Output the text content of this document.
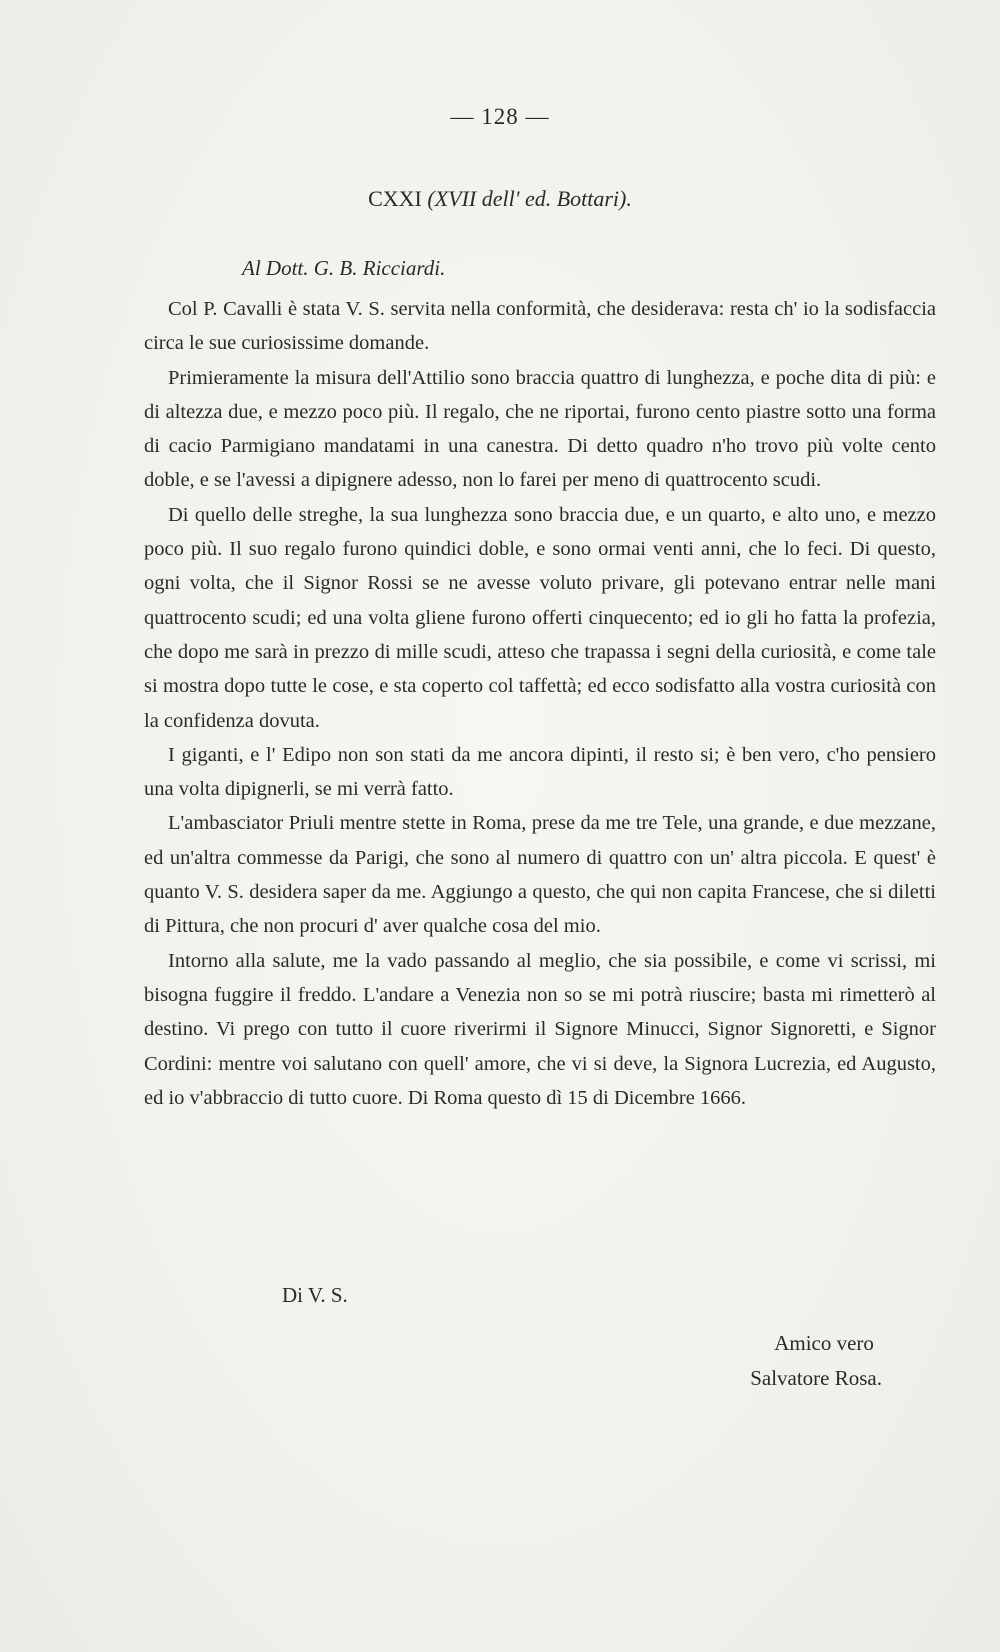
— 128 —
CXXI (XVII dell' ed. Bottari).
Al Dott. G. B. Ricciardi.

Col P. Cavalli è stata V. S. servita nella conformità, che desiderava: resta ch' io la sodisfaccia circa le sue curiosissime domande.

Primieramente la misura dell'Attilio sono braccia quattro di lunghezza, e poche dita di più: e di altezza due, e mezzo poco più. Il regalo, che ne riportai, furono cento piastre sotto una forma di cacio Parmigiano mandatami in una canestra. Di detto quadro n'ho trovo più volte cento doble, e se l'avessi a dipignere adesso, non lo farei per meno di quattrocento scudi.

Di quello delle streghe, la sua lunghezza sono braccia due, e un quarto, e alto uno, e mezzo poco più. Il suo regalo furono quindici doble, e sono ormai venti anni, che lo feci. Di questo, ogni volta, che il Signor Rossi se ne avesse voluto privare, gli potevano entrar nelle mani quattrocento scudi; ed una volta gliene furono offerti cinquecento; ed io gli ho fatta la profezia, che dopo me sarà in prezzo di mille scudi, atteso che trapassa i segni della curiosità, e come tale si mostra dopo tutte le cose, e sta coperto col taffettà; ed ecco sodisfatto alla vostra curiosità con la confidenza dovuta.

I giganti, e l' Edipo non son stati da me ancora dipinti, il resto si; è ben vero, c'ho pensiero una volta dipignerli, se mi verrà fatto.

L'ambasciator Priuli mentre stette in Roma, prese da me tre Tele, una grande, e due mezzane, ed un'altra commesse da Parigi, che sono al numero di quattro con un' altra piccola. E quest' è quanto V. S. desidera saper da me. Aggiungo a questo, che qui non capita Francese, che si diletti di Pittura, che non procuri d' aver qualche cosa del mio.

Intorno alla salute, me la vado passando al meglio, che sia possibile, e come vi scrissi, mi bisogna fuggire il freddo. L'andare a Venezia non so se mi potrà riuscire; basta mi rimetterò al destino. Vi prego con tutto il cuore riverirmi il Signore Minucci, Signor Signoretti, e Signor Cordini: mentre voi salutano con quell' amore, che vi si deve, la Signora Lucrezia, ed Augusto, ed io v'abbraccio di tutto cuore. Di Roma questo dì 15 di Dicembre 1666.

Di V. S.
Amico vero
Salvatore Rosa.
